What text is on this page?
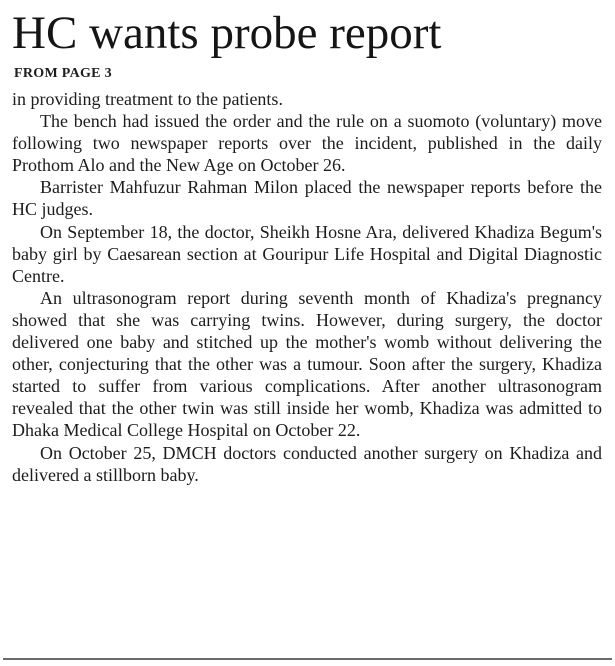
HC wants probe report
FROM PAGE 3

in providing treatment to the patients.

The bench had issued the order and the rule on a suomoto (voluntary) move following two newspaper reports over the incident, published in the daily Prothom Alo and the New Age on October 26.

Barrister Mahfuzur Rahman Milon placed the newspaper reports before the HC judges.

On September 18, the doctor, Sheikh Hosne Ara, delivered Khadiza Begum's baby girl by Caesarean section at Gouripur Life Hospital and Digital Diagnostic Centre.

An ultrasonogram report during seventh month of Khadiza's pregnancy showed that she was carrying twins. However, during surgery, the doctor delivered one baby and stitched up the mother's womb without delivering the other, conjecturing that the other was a tumour. Soon after the surgery, Khadiza started to suffer from various complications. After another ultrasonogram revealed that the other twin was still inside her womb, Khadiza was admitted to Dhaka Medical College Hospital on October 22.

On October 25, DMCH doctors conducted another surgery on Khadiza and delivered a stillborn baby.
